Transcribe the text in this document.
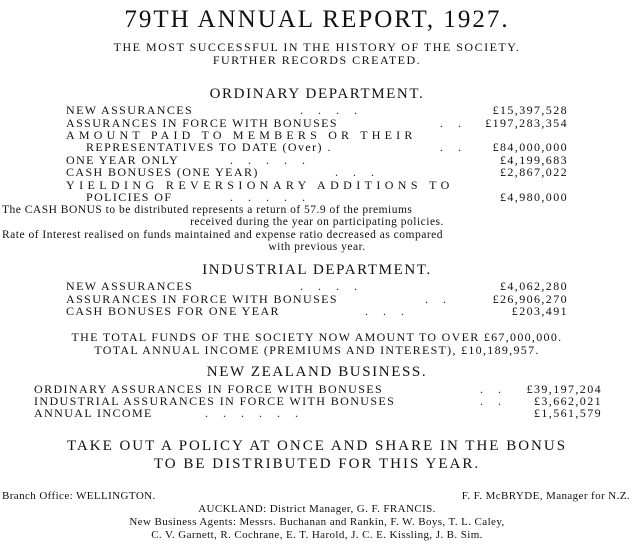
79TH ANNUAL REPORT, 1927.
THE MOST SUCCESSFUL IN THE HISTORY OF THE SOCIETY.
FURTHER RECORDS CREATED.
ORDINARY DEPARTMENT.
NEW ASSURANCES	. . . .	£15,397,528
ASSURANCES IN FORCE WITH BONUSES	. .	£197,283,354
AMOUNT PAID TO MEMBERS OR THEIR
REPRESENTATIVES TO DATE (Over) .	. .	£84,000,000
ONE YEAR ONLY	. . . . .	£4,199,683
CASH BONUSES (ONE YEAR)	. . .	£2,867,022
YIELDING REVERSIONARY ADDITIONS TO
POLICIES OF	. . . . .	£4,980,000
The CASH BONUS to be distributed represents a return of 57.9 of the premiums
received during the year on participating policies.
Rate of Interest realised on funds maintained and expense ratio decreased as compared
with previous year.
INDUSTRIAL DEPARTMENT.
NEW ASSURANCES	. . . .	£4,062,280
ASSURANCES IN FORCE WITH BONUSES	. .	£26,906,270
CASH BONUSES FOR ONE YEAR	. . .	£203,491
THE TOTAL FUNDS OF THE SOCIETY NOW AMOUNT TO OVER £67,000,000.
TOTAL ANNUAL INCOME (PREMIUMS AND INTEREST), £10,189,957.
NEW ZEALAND BUSINESS.
ORDINARY ASSURANCES IN FORCE WITH BONUSES	. .	£39,197,204
INDUSTRIAL ASSURANCES IN FORCE WITH BONUSES	. .	£3,662,021
ANNUAL INCOME	. . . . . .	£1,561,579
TAKE OUT A POLICY AT ONCE AND SHARE IN THE BONUS
TO BE DISTRIBUTED FOR THIS YEAR.
Branch Office: WELLINGTON.	F. F. McBRYDE, Manager for N.Z.
AUCKLAND: District Manager, G. F. FRANCIS.
New Business Agents: Messrs. Buchanan and Rankin, F. W. Boys, T. L. Caley,
C. V. Garnett, R. Cochrane, E. T. Harold, J. C. E. Kissling, J. B. Sim.
